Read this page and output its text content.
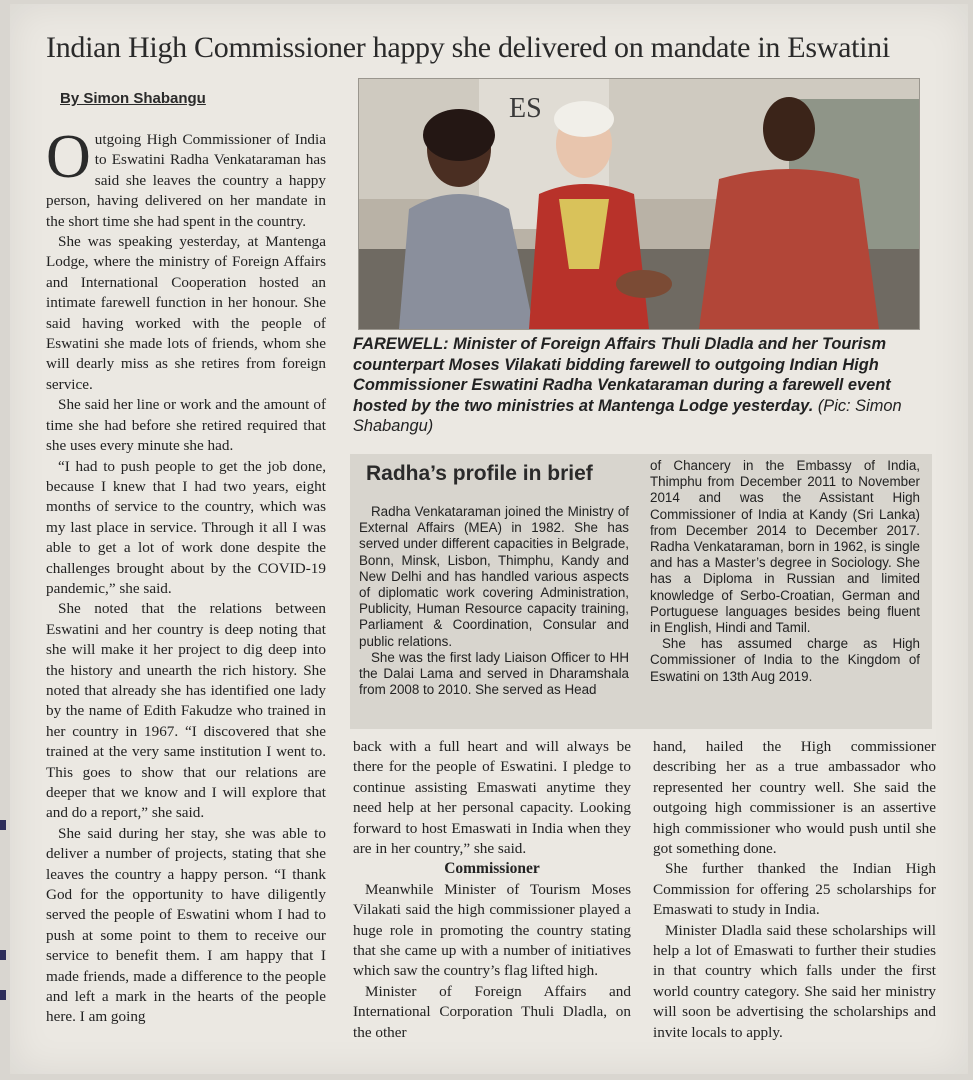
Indian High Commissioner happy she delivered on mandate in Eswatini
By Simon Shabangu

Outgoing High Commissioner of India to Eswatini Radha Venkataraman has said she leaves the country a happy person, having delivered on her mandate in the short time she had spent in the country.

She was speaking yesterday, at Mantenga Lodge, where the ministry of Foreign Affairs and International Cooperation hosted an intimate farewell function in her honour. She said having worked with the people of Eswatini she made lots of friends, whom she will dearly miss as she retires from foreign service.

She said her line or work and the amount of time she had before she retired required that she uses every minute she had.

“I had to push people to get the job done, because I knew that I had two years, eight months of service to the country, which was my last place in service. Through it all I was able to get a lot of work done despite the challenges brought about by the COVID-19 pandemic,” she said.

She noted that the relations between Eswatini and her country is deep noting that she will make it her project to dig deep into the history and unearth the rich history. She noted that already she has identified one lady by the name of Edith Fakudze who trained in her country in 1967. “I discovered that she trained at the very same institution I went to. This goes to show that our relations are deeper that we know and I will explore that and do a report,” she said.

She said during her stay, she was able to deliver a number of projects, stating that she leaves the country a happy person. “I thank God for the opportunity to have diligently served the people of Eswatini whom I had to push at some point to them to receive our service to benefit them. I am happy that I made friends, made a difference to the people and left a mark in the hearts of the people here. I am going

ES
FAREWELL: Minister of Foreign Affairs Thuli Dladla and her Tourism counterpart Moses Vilakati bidding farewell to outgoing Indian High Commissioner Eswatini Radha Venkataraman during a farewell event hosted by the two ministries at Mantenga Lodge yesterday. (Pic: Simon Shabangu)
Radha’s profile in brief

Radha Venkataraman joined the Ministry of External Affairs (MEA) in 1982. She has served under different capacities in Belgrade, Bonn, Minsk, Lisbon, Thimphu, Kandy and New Delhi and has handled various aspects of diplomatic work covering Administration, Publicity, Human Resource capacity training, Parliament & Coordination, Consular and public relations.

She was the first lady Liaison Officer to HH the Dalai Lama and served in Dharamshala from 2008 to 2010. She served as Head

of Chancery in the Embassy of India, Thimphu from December 2011 to November 2014 and was the Assistant High Commissioner of India at Kandy (Sri Lanka) from December 2014 to December 2017. Radha Venkataraman, born in 1962, is single and has a Master’s degree in Sociology. She has a Diploma in Russian and limited knowledge of Serbo-Croatian, German and Portuguese languages besides being fluent in English, Hindi and Tamil.

She has assumed charge as High Commissioner of India to the Kingdom of Eswatini on 13th Aug 2019.

back with a full heart and will always be there for the people of Eswatini. I pledge to continue assisting Emaswati anytime they need help at her personal capacity. Looking forward to host Emaswati in India when they are in her country,” she said.

Commissioner

Meanwhile Minister of Tourism Moses Vilakati said the high commissioner played a huge role in promoting the country stating that she came up with a number of initiatives which saw the country’s flag lifted high.

Minister of Foreign Affairs and International Corporation Thuli Dladla, on the other

hand, hailed the High commissioner describing her as a true ambassador who represented her country well. She said the outgoing high commissioner is an assertive high commissioner who would push until she got something done.

She further thanked the Indian High Commission for offering 25 scholarships for Emaswati to study in India.

Minister Dladla said these scholarships will help a lot of Emaswati to further their studies in that country which falls under the first world country category. She said her ministry will soon be advertising the scholarships and invite locals to apply.
